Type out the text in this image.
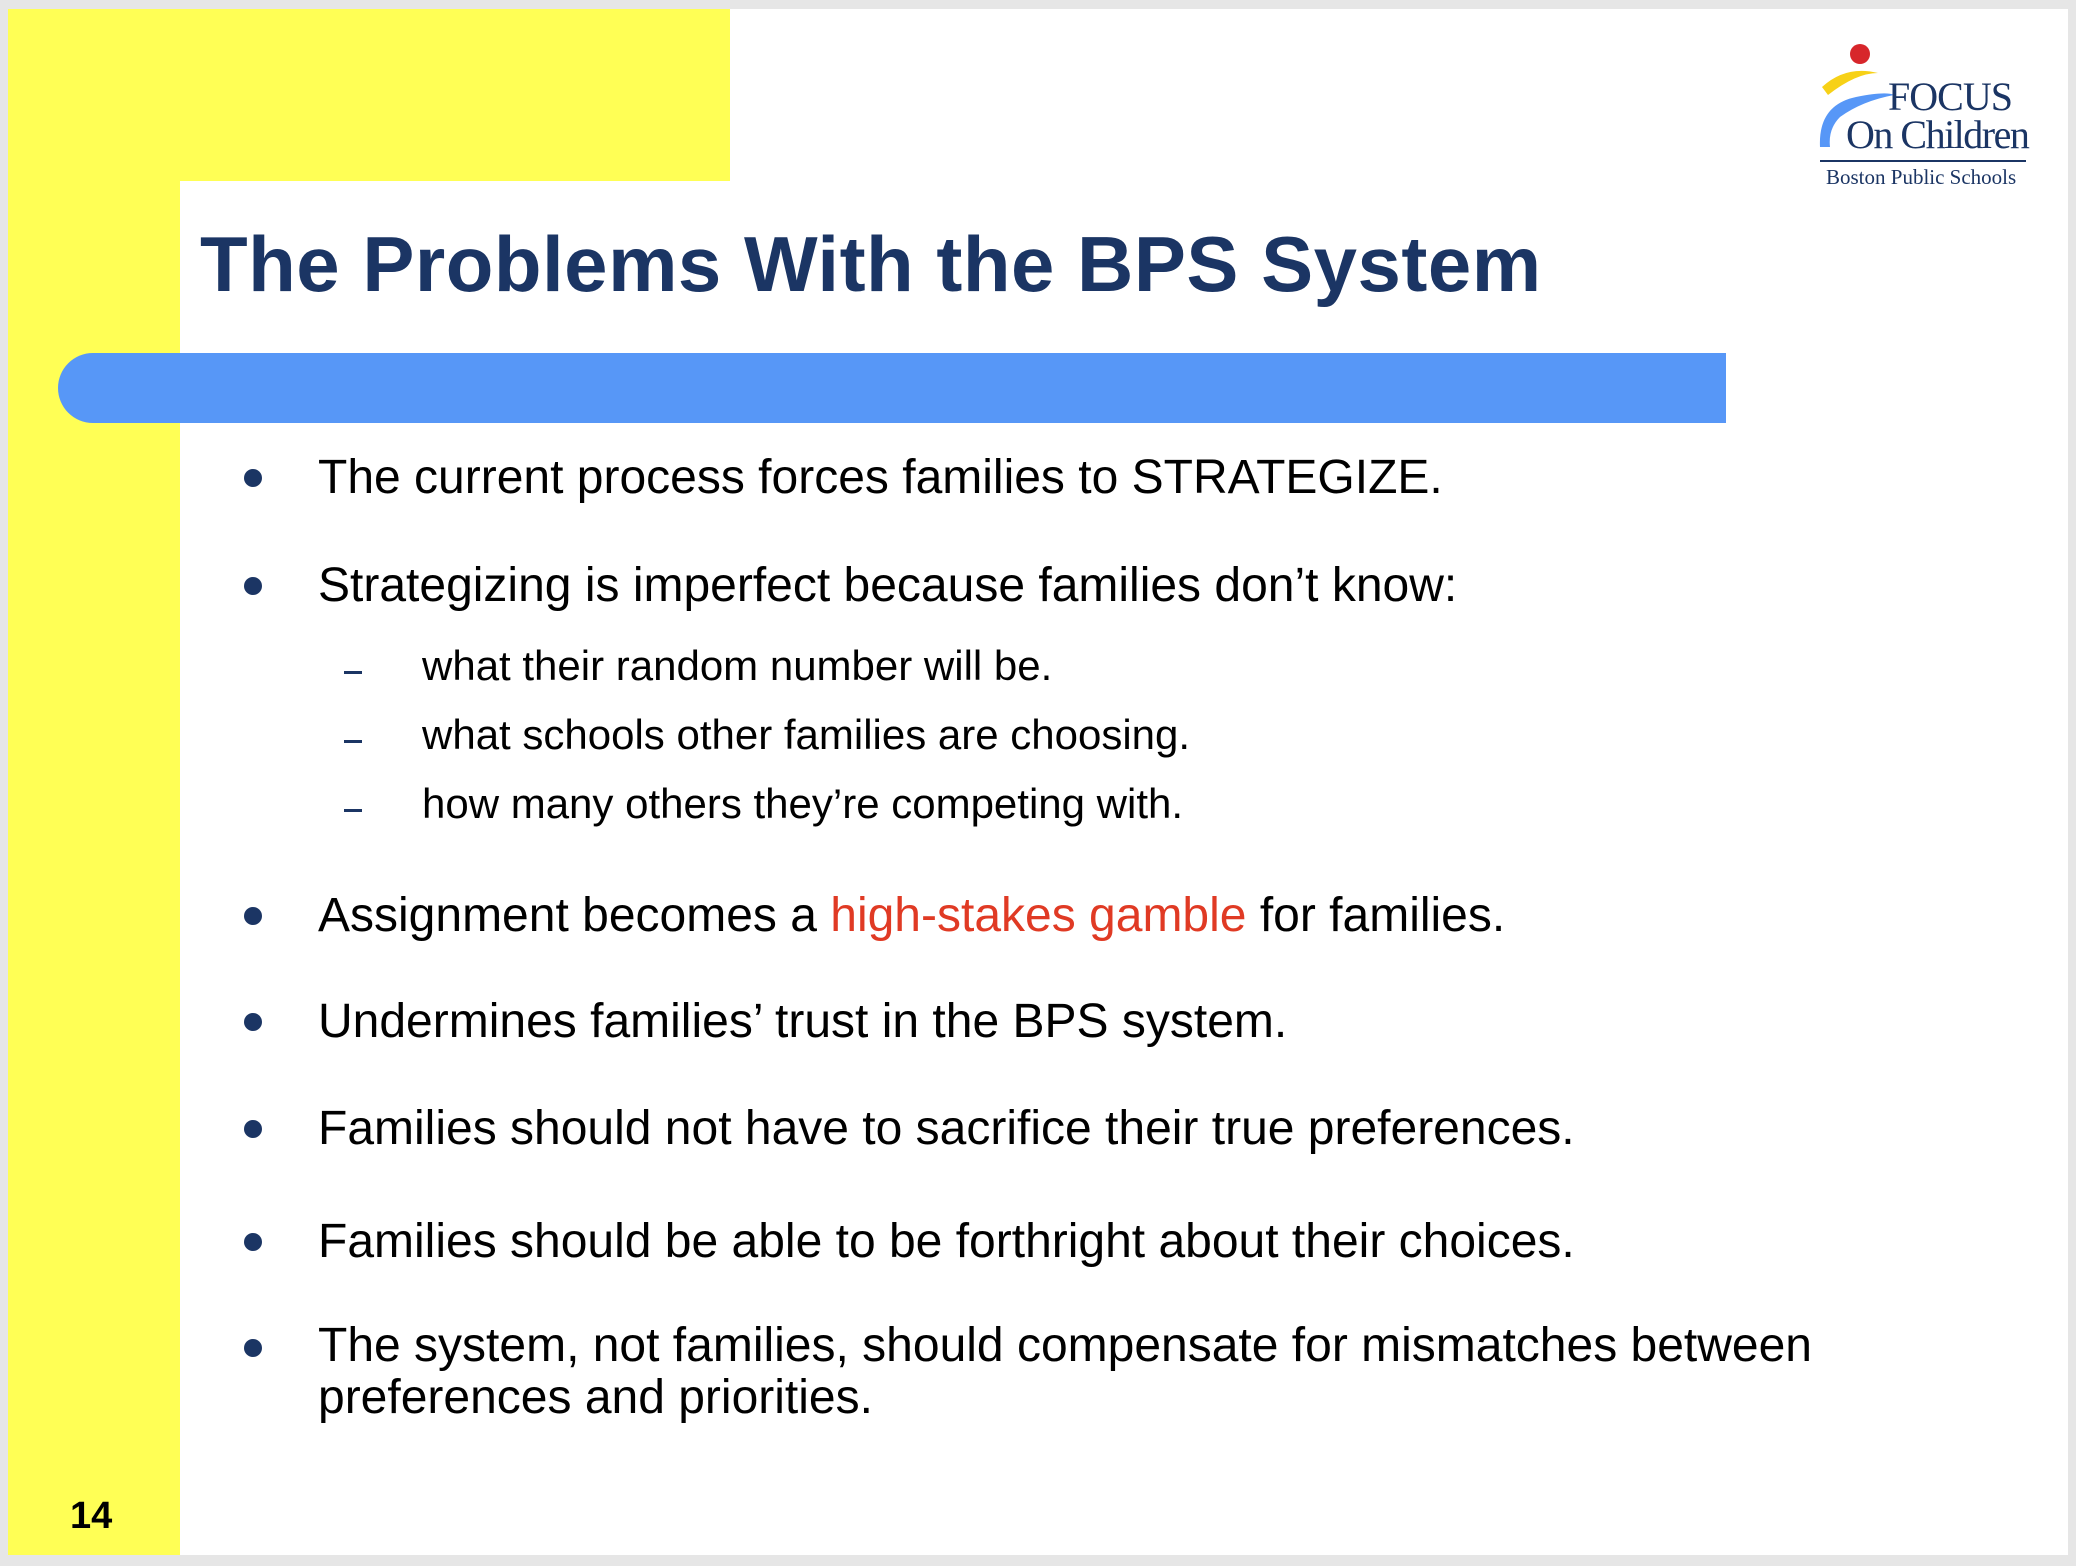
FOCUS
On Children
Boston Public Schools
The Problems With the BPS System

The current process forces families to STRATEGIZE.

Strategizing is imperfect because families don’t know:

what their random number will be.

what schools other families are choosing.

how many others they’re competing with.

Assignment becomes a high-stakes gamble for families.

Undermines families’ trust in the BPS system.

Families should not have to sacrifice their true preferences.

Families should be able to be forthright about their choices.

The system, not families, should compensate for mismatches between preferences and priorities.

14
